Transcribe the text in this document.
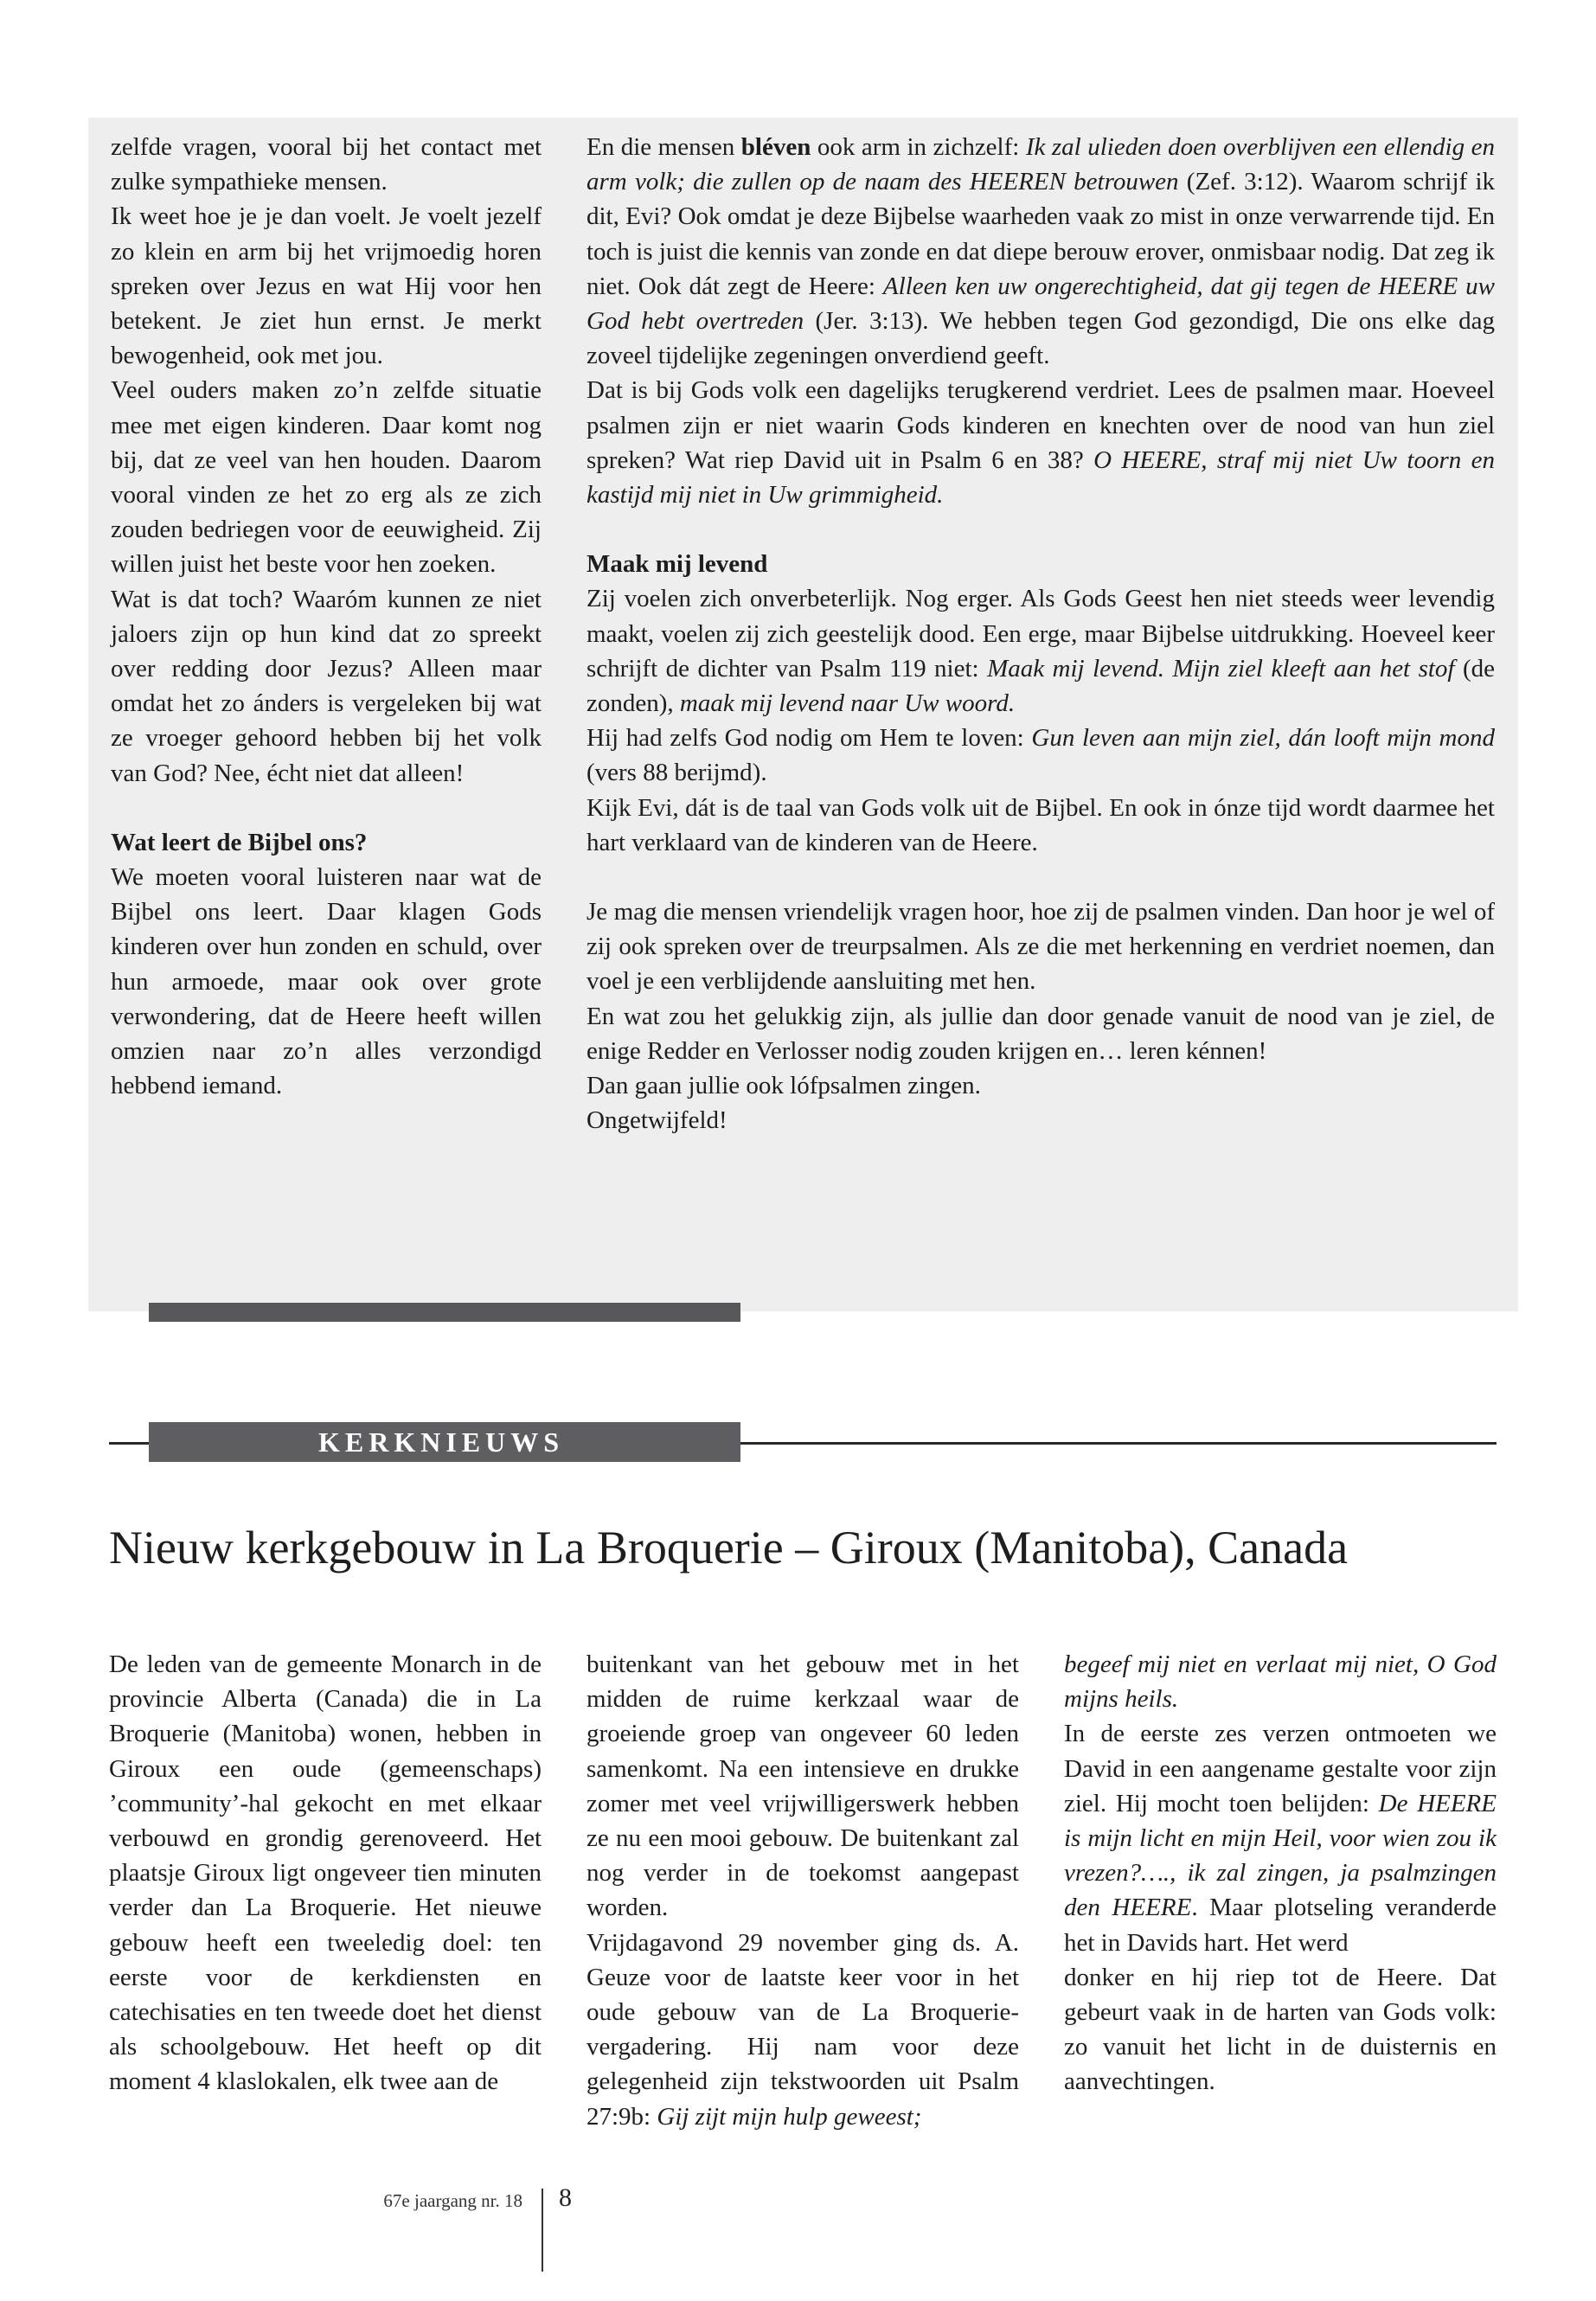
zelfde vragen, vooral bij het contact met zulke sympathieke mensen.

Ik weet hoe je je dan voelt. Je voelt jezelf zo klein en arm bij het vrijmoedig horen spreken over Jezus en wat Hij voor hen betekent. Je ziet hun ernst. Je merkt bewogenheid, ook met jou.

Veel ouders maken zo’n zelfde situatie mee met eigen kinderen. Daar komt nog bij, dat ze veel van hen houden. Daarom vooral vinden ze het zo erg als ze zich zouden bedriegen voor de eeuwigheid. Zij willen juist het beste voor hen zoeken.

Wat is dat toch? Waaróm kunnen ze niet jaloers zijn op hun kind dat zo spreekt over redding door Jezus? Alleen maar omdat het zo ánders is vergeleken bij wat ze vroeger gehoord hebben bij het volk van God? Nee, écht niet dat alleen!

Wat leert de Bijbel ons?

We moeten vooral luisteren naar wat de Bijbel ons leert. Daar klagen Gods kinderen over hun zonden en schuld, over hun armoede, maar ook over grote verwondering, dat de Heere heeft willen omzien naar zo’n alles verzondigd hebbend iemand.

En die mensen bléven ook arm in zichzelf: Ik zal ulieden doen overblijven een ellendig en arm volk; die zullen op de naam des HEEREN betrouwen (Zef. 3:12). Waarom schrijf ik dit, Evi? Ook omdat je deze Bijbelse waarheden vaak zo mist in onze verwarrende tijd. En toch is juist die kennis van zonde en dat diepe berouw erover, onmisbaar nodig. Dat zeg ik niet. Ook dát zegt de Heere: Alleen ken uw ongerechtigheid, dat gij tegen de HEERE uw God hebt overtreden (Jer. 3:13). We hebben tegen God gezondigd, Die ons elke dag zoveel tijdelijke zegeningen onverdiend geeft.

Dat is bij Gods volk een dagelijks terugkerend verdriet. Lees de psalmen maar. Hoeveel psalmen zijn er niet waarin Gods kinderen en knechten over de nood van hun ziel spreken? Wat riep David uit in Psalm 6 en 38? O HEERE, straf mij niet Uw toorn en kastijd mij niet in Uw grimmigheid.

Maak mij levend

Zij voelen zich onverbeterlijk. Nog erger. Als Gods Geest hen niet steeds weer levendig maakt, voelen zij zich geestelijk dood. Een erge, maar Bijbelse uitdrukking. Hoeveel keer schrijft de dichter van Psalm 119 niet: Maak mij levend. Mijn ziel kleeft aan het stof (de zonden), maak mij levend naar Uw woord.

Hij had zelfs God nodig om Hem te loven: Gun leven aan mijn ziel, dán looft mijn mond (vers 88 berijmd).

Kijk Evi, dát is de taal van Gods volk uit de Bijbel. En ook in ónze tijd wordt daarmee het hart verklaard van de kinderen van de Heere.

Je mag die mensen vriendelijk vragen hoor, hoe zij de psalmen vinden. Dan hoor je wel of zij ook spreken over de treurpsalmen. Als ze die met herkenning en verdriet noemen, dan voel je een verblijdende aansluiting met hen.

En wat zou het gelukkig zijn, als jullie dan door genade vanuit de nood van je ziel, de enige Redder en Verlosser nodig zouden krijgen en… leren kénnen!

Dan gaan jullie ook lófpsalmen zingen.

Ongetwijfeld!

KERKNIEUWS
Nieuw kerkgebouw in La Broquerie – Giroux (Manitoba), Canada

De leden van de gemeente Monarch in de provincie Alberta (Canada) die in La Broquerie (Manitoba) wonen, hebben in Giroux een oude (gemeenschaps) ’community’-hal gekocht en met elkaar verbouwd en grondig gerenoveerd. Het plaatsje Giroux ligt ongeveer tien minuten verder dan La Broquerie. Het nieuwe gebouw heeft een tweeledig doel: ten eerste voor de kerkdiensten en catechisaties en ten tweede doet het dienst als schoolgebouw. Het heeft op dit moment 4 klaslokalen, elk twee aan de

buitenkant van het gebouw met in het midden de ruime kerkzaal waar de groeiende groep van ongeveer 60 leden samenkomt. Na een intensieve en drukke zomer met veel vrijwilligerswerk hebben ze nu een mooi gebouw. De buitenkant zal nog verder in de toekomst aangepast worden.

Vrijdagavond 29 november ging ds. A. Geuze voor de laatste keer voor in het oude gebouw van de La Broquerie-vergadering. Hij nam voor deze gelegenheid zijn tekstwoorden uit Psalm 27:9b: Gij zijt mijn hulp geweest;

begeef mij niet en verlaat mij niet, O God mijns heils.

In de eerste zes verzen ontmoeten we David in een aangename gestalte voor zijn ziel. Hij mocht toen belijden: De HEERE is mijn licht en mijn Heil, voor wien zou ik vrezen?…., ik zal zingen, ja psalmzingen den HEERE. Maar plotseling veranderde het in Davids hart. Het werd

donker en hij riep tot de Heere. Dat gebeurt vaak in de harten van Gods volk: zo vanuit het licht in de duisternis en aanvechtingen.

67e jaargang nr. 18 8
